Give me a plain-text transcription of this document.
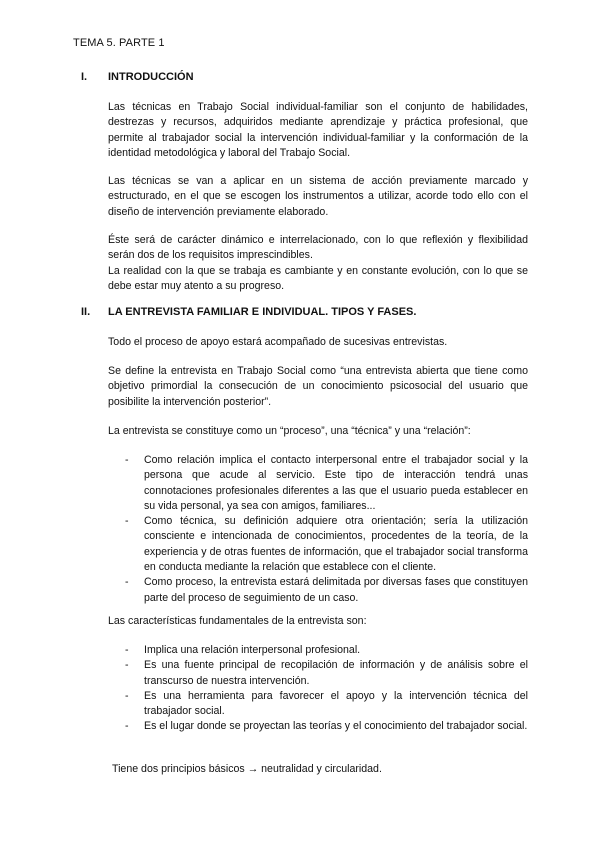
TEMA 5. PARTE 1
I. INTRODUCCIÓN

Las técnicas en Trabajo Social individual-familiar son el conjunto de habilidades, destrezas y recursos, adquiridos mediante aprendizaje y práctica profesional, que permite al trabajador social la intervención individual-familiar y la conformación de la identidad metodológica y laboral del Trabajo Social.

Las técnicas se van a aplicar en un sistema de acción previamente marcado y estructurado, en el que se escogen los instrumentos a utilizar, acorde todo ello con el diseño de intervención previamente elaborado.

Éste será de carácter dinámico e interrelacionado, con lo que reflexión y flexibilidad serán dos de los requisitos imprescindibles.

La realidad con la que se trabaja es cambiante y en constante evolución, con lo que se debe estar muy atento a su progreso.

II. LA ENTREVISTA FAMILIAR E INDIVIDUAL. TIPOS Y FASES.

Todo el proceso de apoyo estará acompañado de sucesivas entrevistas.

Se define la entrevista en Trabajo Social como “una entrevista abierta que tiene como objetivo primordial la consecución de un conocimiento psicosocial del usuario que posibilite la intervención posterior”.

La entrevista se constituye como un “proceso”, una “técnica” y una “relación”:

- Como relación implica el contacto interpersonal entre el trabajador social y la persona que acude al servicio. Este tipo de interacción tendrá unas connotaciones profesionales diferentes a las que el usuario pueda establecer en su vida personal, ya sea con amigos, familiares...
- Como técnica, su definición adquiere otra orientación; sería la utilización consciente e intencionada de conocimientos, procedentes de la teoría, de la experiencia y de otras fuentes de información, que el trabajador social transforma en conducta mediante la relación que establece con el cliente.
- Como proceso, la entrevista estará delimitada por diversas fases que constituyen parte del proceso de seguimiento de un caso.

Las características fundamentales de la entrevista son:

- Implica una relación interpersonal profesional.
- Es una fuente principal de recopilación de información y de análisis sobre el transcurso de nuestra intervención.
- Es una herramienta para favorecer el apoyo y la intervención técnica del trabajador social.
- Es el lugar donde se proyectan las teorías y el conocimiento del trabajador social.

Tiene dos principios básicos → neutralidad y circularidad.
